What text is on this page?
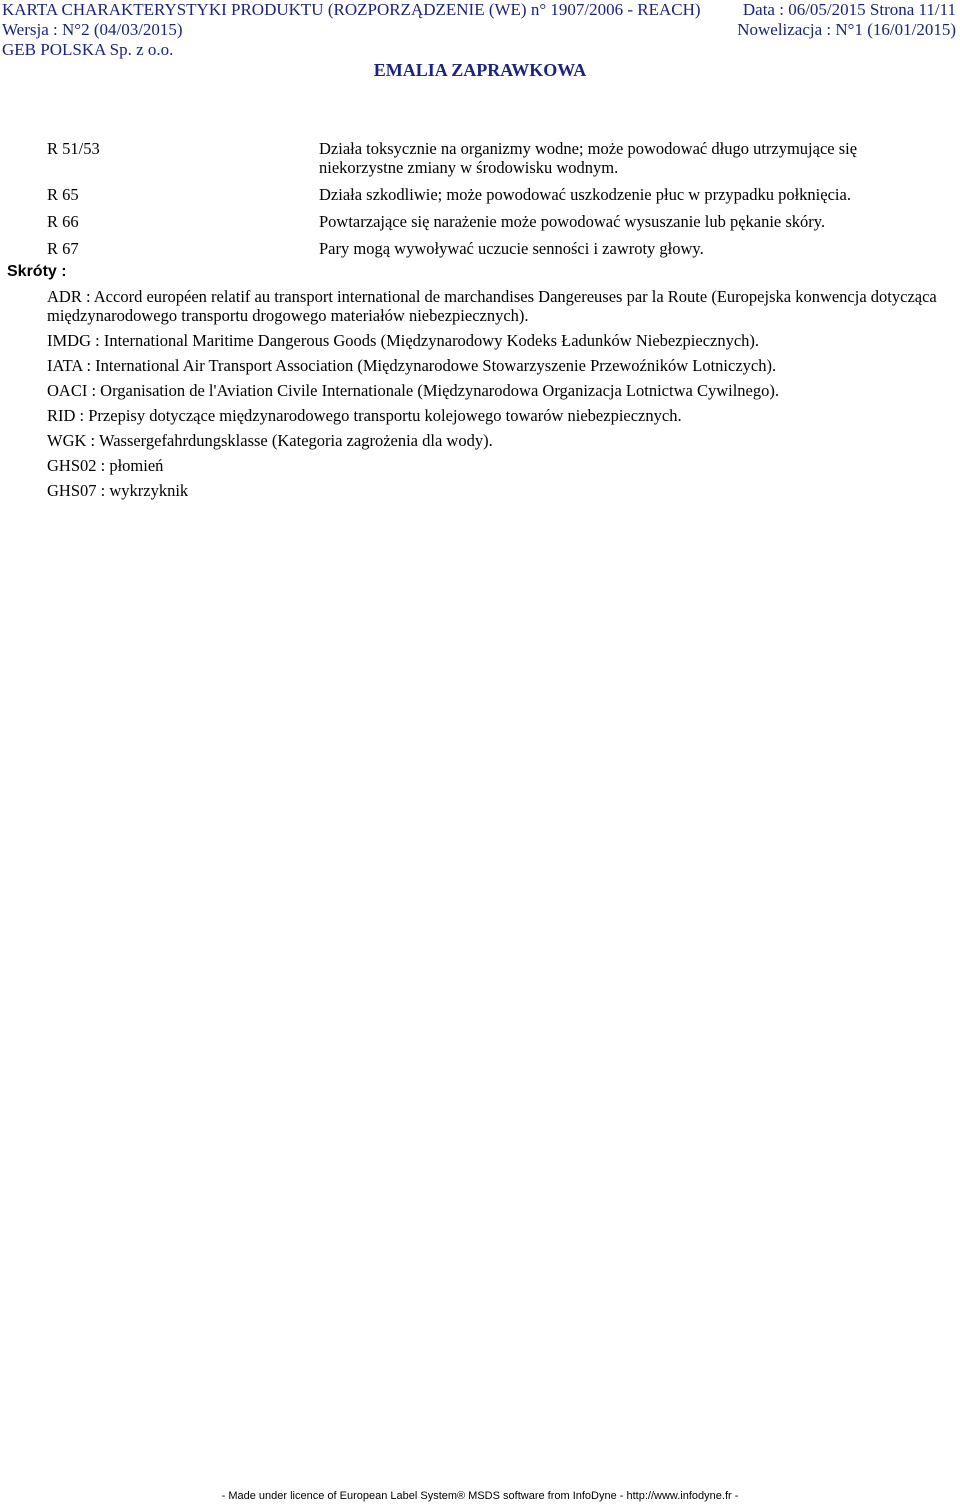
KARTA CHARAKTERYSTYKI PRODUKTU (ROZPORZĄDZENIE (WE) n° 1907/2006 - REACH) Data : 06/05/2015 Strona 11/11
Wersja : N°2 (04/03/2015)	Nowelizacja : N°1 (16/01/2015)
GEB POLSKA Sp. z o.o.
EMALIA ZAPRAWKOWA
R 51/53	Działa toksycznie na organizmy wodne; może powodować długo utrzymujące się niekorzystne zmiany w środowisku wodnym.
R 65	Działa szkodliwie; może powodować uszkodzenie płuc w przypadku połknięcia.
R 66	Powtarzające się narażenie może powodować wysuszanie lub pękanie skóry.
R 67	Pary mogą wywoływać uczucie senności i zawroty głowy.
Skróty :
ADR : Accord européen relatif au transport international de marchandises Dangereuses par la Route (Europejska konwencja dotycząca międzynarodowego transportu drogowego materiałów niebezpiecznych).
IMDG : International Maritime Dangerous Goods (Międzynarodowy Kodeks Ładunków Niebezpiecznych).
IATA : International Air Transport Association (Międzynarodowe Stowarzyszenie Przewoźników Lotniczych).
OACI : Organisation de l'Aviation Civile Internationale (Międzynarodowa Organizacja Lotnictwa Cywilnego).
RID : Przepisy dotyczące międzynarodowego transportu kolejowego towarów niebezpiecznych.
WGK : Wassergefahrdungsklasse (Kategoria zagrożenia dla wody).
GHS02 : płomień
GHS07 : wykrzyknik
- Made under licence of European Label System® MSDS software from InfoDyne - http://www.infodyne.fr -
